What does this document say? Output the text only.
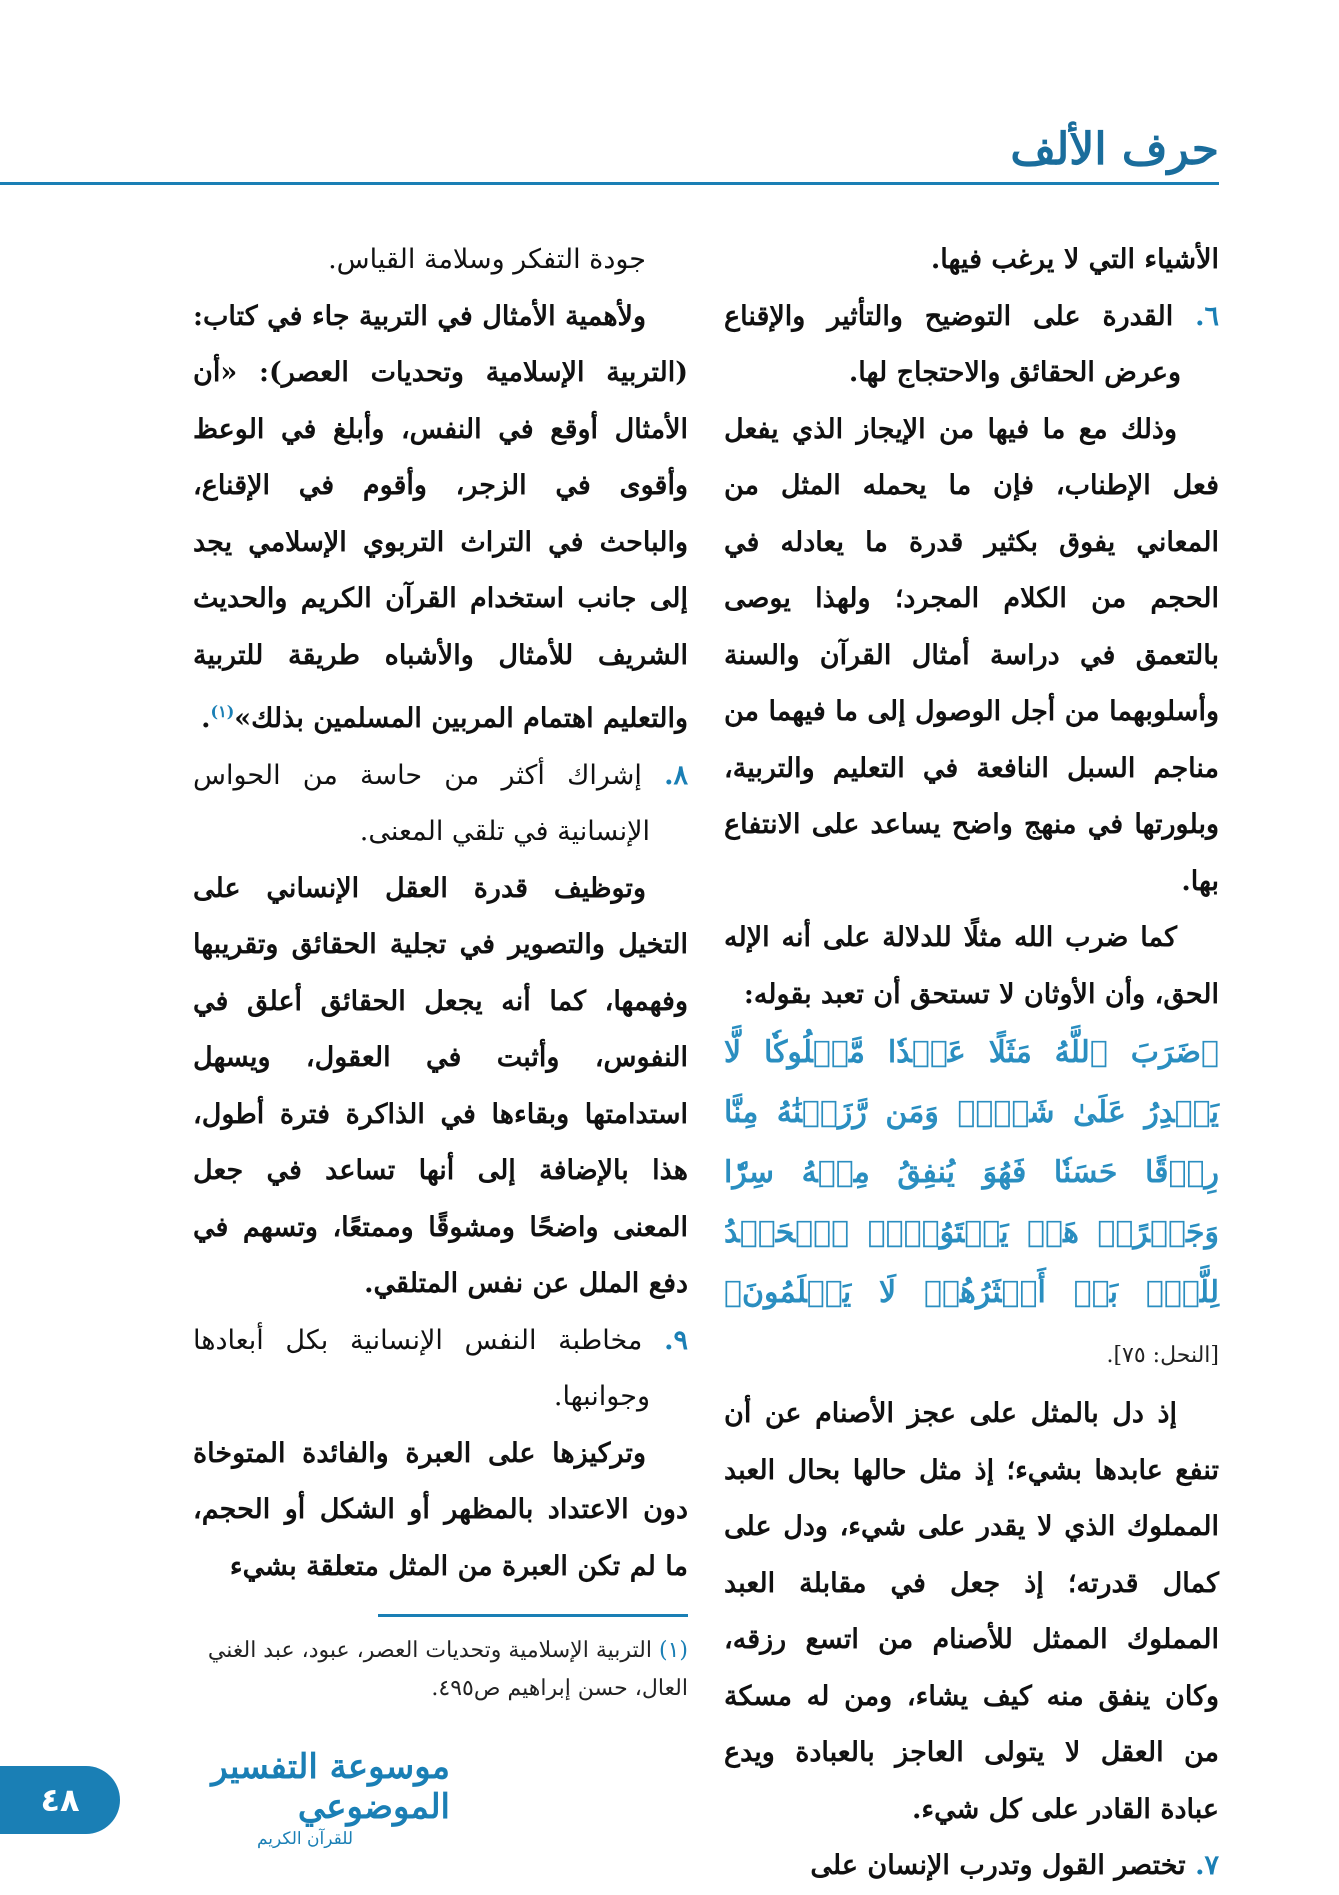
حرف الألف

الأشياء التي لا يرغب فيها.

٦. القدرة على التوضيح والتأثير والإقناع وعرض الحقائق والاحتجاج لها.

وذلك مع ما فيها من الإيجاز الذي يفعل فعل الإطناب، فإن ما يحمله المثل من المعاني يفوق بكثير قدرة ما يعادله في الحجم من الكلام المجرد؛ ولهذا يوصى بالتعمق في دراسة أمثال القرآن والسنة وأسلوبهما من أجل الوصول إلى ما فيهما من مناجم السبل النافعة في التعليم والتربية، وبلورتها في منهج واضح يساعد على الانتفاع بها.

كما ضرب الله مثلًا للدلالة على أنه الإله الحق، وأن الأوثان لا تستحق أن تعبد بقوله:

﴿ضَرَبَ ٱللَّهُ مَثَلًا عَبۡدٗا مَّمۡلُوكٗا لَّا يَقۡدِرُ عَلَىٰ شَيۡءٖ وَمَن رَّزَقۡنَٰهُ مِنَّا رِزۡقًا حَسَنٗا فَهُوَ يُنفِقُ مِنۡهُ سِرّٗا وَجَهۡرًاۖ هَلۡ يَسۡتَوُۥنَۚ ٱلۡحَمۡدُ لِلَّهِۚ بَلۡ أَكۡثَرُهُمۡ لَا يَعۡلَمُونَ﴾ [النحل: ٧٥].

إذ دل بالمثل على عجز الأصنام عن أن تنفع عابدها بشيء؛ إذ مثل حالها بحال العبد المملوك الذي لا يقدر على شيء، ودل على كمال قدرته؛ إذ جعل في مقابلة العبد المملوك الممثل للأصنام من اتسع رزقه، وكان ينفق منه كيف يشاء، ومن له مسكة من العقل لا يتولى العاجز بالعبادة ويدع عبادة القادر على كل شيء.

٧. تختصر القول وتدرب الإنسان على

جودة التفكر وسلامة القياس.

ولأهمية الأمثال في التربية جاء في كتاب: (التربية الإسلامية وتحديات العصر): «أن الأمثال أوقع في النفس، وأبلغ في الوعظ وأقوى في الزجر، وأقوم في الإقناع، والباحث في التراث التربوي الإسلامي يجد إلى جانب استخدام القرآن الكريم والحديث الشريف للأمثال والأشباه طريقة للتربية والتعليم اهتمام المربين المسلمين بذلك»$^{(١)}$.

٨. إشراك أكثر من حاسة من الحواس الإنسانية في تلقي المعنى.

وتوظيف قدرة العقل الإنساني على التخيل والتصوير في تجلية الحقائق وتقريبها وفهمها، كما أنه يجعل الحقائق أعلق في النفوس، وأثبت في العقول، ويسهل استدامتها وبقاءها في الذاكرة فترة أطول، هذا بالإضافة إلى أنها تساعد في جعل المعنى واضحًا ومشوقًا وممتعًا، وتسهم في دفع الملل عن نفس المتلقي.

٩. مخاطبة النفس الإنسانية بكل أبعادها وجوانبها.

وتركيزها على العبرة والفائدة المتوخاة دون الاعتداد بالمظهر أو الشكل أو الحجم، ما لم تكن العبرة من المثل متعلقة بشيء

(١) التربية الإسلامية وتحديات العصر، عبود، عبد الغني العال، حسن إبراهيم ص٤٩٥.
٤٨
موسوعة التفسير الموضوعي
للقرآن الكريم
